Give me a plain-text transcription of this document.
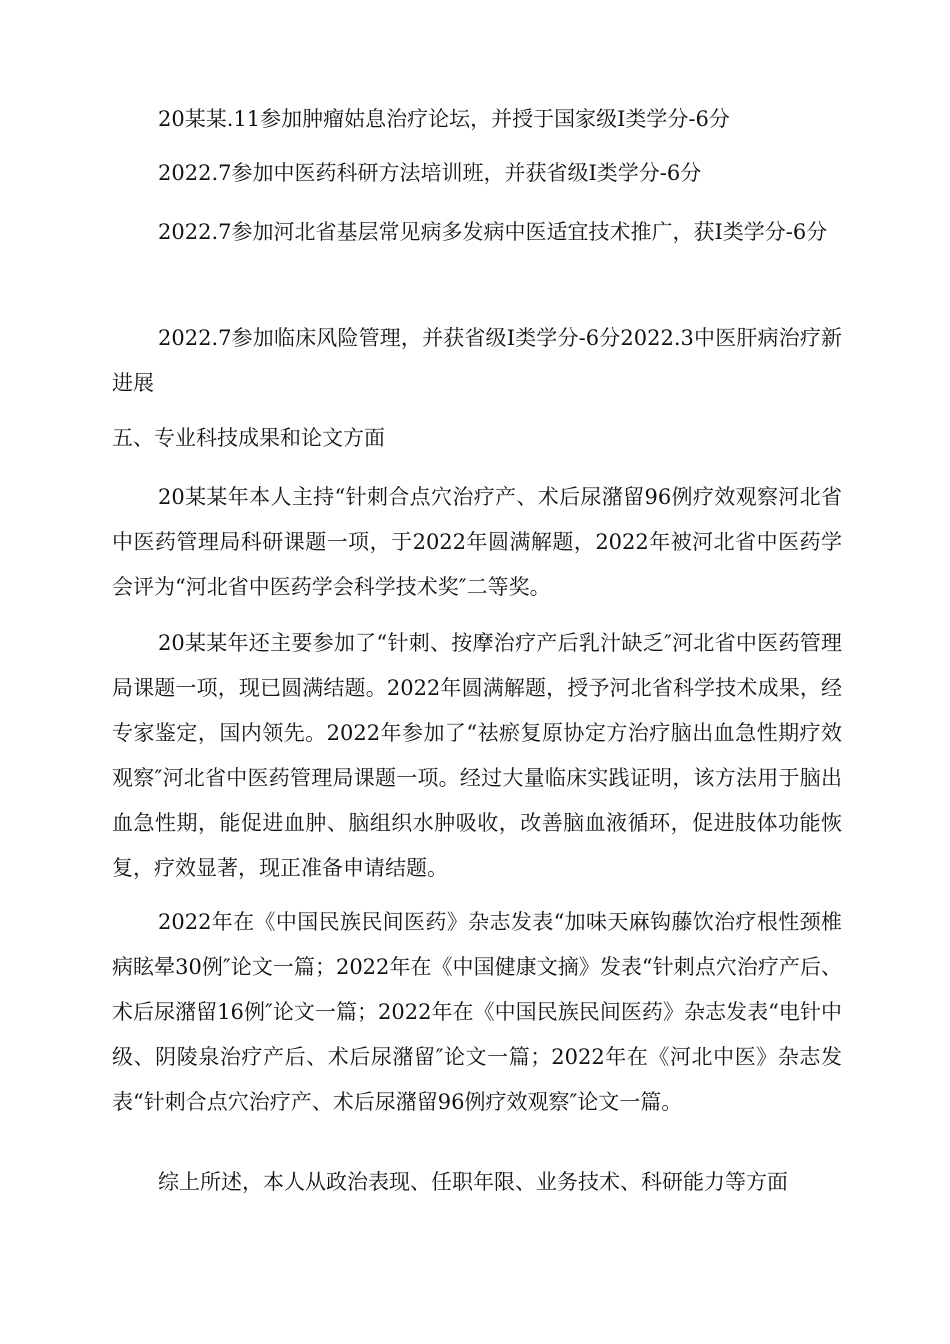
20某某.11参加肿瘤姑息治疗论坛，并授于国家级Ⅰ类学分-6分

2022.7参加中医药科研方法培训班，并获省级Ⅰ类学分-6分

2022.7参加河北省基层常见病多发病中医适宜技术推广，获Ⅰ类学分-6分

2022.7参加临床风险管理，并获省级Ⅰ类学分-6分2022.3中医肝病治疗新进展

五、专业科技成果和论文方面

20某某年本人主持“针刺合点穴治疗产、术后尿潴留96例疗效观察河北省中医药管理局科研课题一项，于2022年圆满解题，2022年被河北省中医药学会评为“河北省中医药学会科学技术奖″二等奖。

20某某年还主要参加了“针刺、按摩治疗产后乳汁缺乏″河北省中医药管理局课题一项，现已圆满结题。2022年圆满解题，授予河北省科学技术成果，经专家鉴定，国内领先。2022年参加了“祛瘀复原协定方治疗脑出血急性期疗效观察″河北省中医药管理局课题一项。经过大量临床实践证明，该方法用于脑出血急性期，能促进血肿、脑组织水肿吸收，改善脑血液循环，促进肢体功能恢复，疗效显著，现正准备申请结题。

2022年在《中国民族民间医药》杂志发表“加味天麻钩藤饮治疗根性颈椎病眩晕30例″论文一篇；2022年在《中国健康文摘》发表“针刺点穴治疗产后、术后尿潴留16例″论文一篇；2022年在《中国民族民间医药》杂志发表“电针中级、阴陵泉治疗产后、术后尿潴留″论文一篇；2022年在《河北中医》杂志发表“针刺合点穴治疗产、术后尿潴留96例疗效观察″论文一篇。

综上所述，本人从政治表现、任职年限、业务技术、科研能力等方面
